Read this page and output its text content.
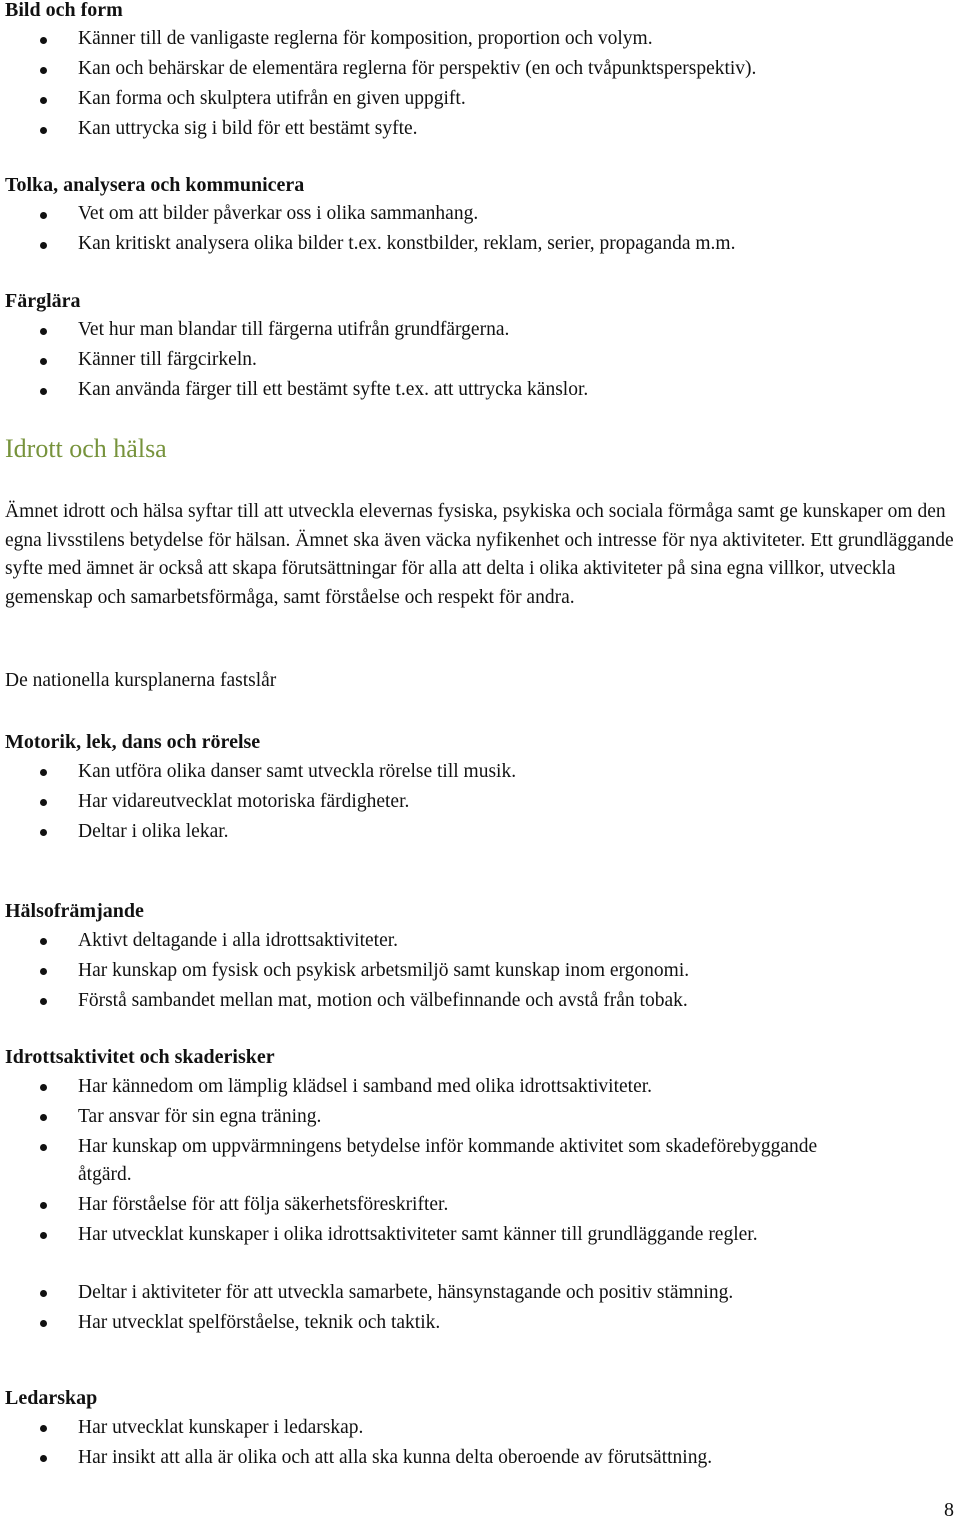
Bild och form
Känner till de vanligaste reglerna för komposition, proportion och volym.
Kan och behärskar de elementära reglerna för perspektiv (en och tvåpunktsperspektiv).
Kan forma och skulptera utifrån en given uppgift.
Kan uttrycka sig i bild för ett bestämt syfte.
Tolka, analysera och kommunicera
Vet om att bilder påverkar oss i olika sammanhang.
Kan kritiskt analysera olika bilder t.ex. konstbilder, reklam, serier, propaganda m.m.
Färglära
Vet hur man blandar till färgerna utifrån grundfärgerna.
Känner till färgcirkeln.
Kan använda färger till ett bestämt syfte t.ex. att uttrycka känslor.
Idrott och hälsa
Ämnet idrott och hälsa syftar till att utveckla elevernas fysiska, psykiska och sociala förmåga samt ge kunskaper om den egna livsstilens betydelse för hälsan. Ämnet ska även väcka nyfikenhet och intresse för nya aktiviteter. Ett grundläggande syfte med ämnet är också att skapa förutsättningar för alla att delta i olika aktiviteter på sina egna villkor, utveckla gemenskap och samarbetsförmåga, samt förståelse och respekt för andra.
De nationella kursplanerna fastslår
Motorik, lek, dans och rörelse
Kan utföra olika danser samt utveckla rörelse till musik.
Har vidareutvecklat motoriska färdigheter.
Deltar i olika lekar.
Hälsofrämjande
Aktivt deltagande i alla idrottsaktiviteter.
Har kunskap om fysisk och psykisk arbetsmiljö samt kunskap inom ergonomi.
Förstå sambandet mellan mat, motion och välbefinnande och avstå från tobak.
Idrottsaktivitet och skaderisker
Har kännedom om lämplig klädsel i samband med olika idrottsaktiviteter.
Tar ansvar för sin egna träning.
Har kunskap om uppvärmningens betydelse inför kommande aktivitet som skadeförebyggande åtgärd.
Har förståelse för att följa säkerhetsföreskrifter.
Har utvecklat kunskaper i olika idrottsaktiviteter samt känner till grundläggande regler.
Deltar i aktiviteter för att utveckla samarbete, hänsynstagande och positiv stämning.
Har utvecklat spelförståelse, teknik och taktik.
Ledarskap
Har utvecklat kunskaper i ledarskap.
Har insikt att alla är olika och att alla ska kunna delta oberoende av förutsättning.
8
